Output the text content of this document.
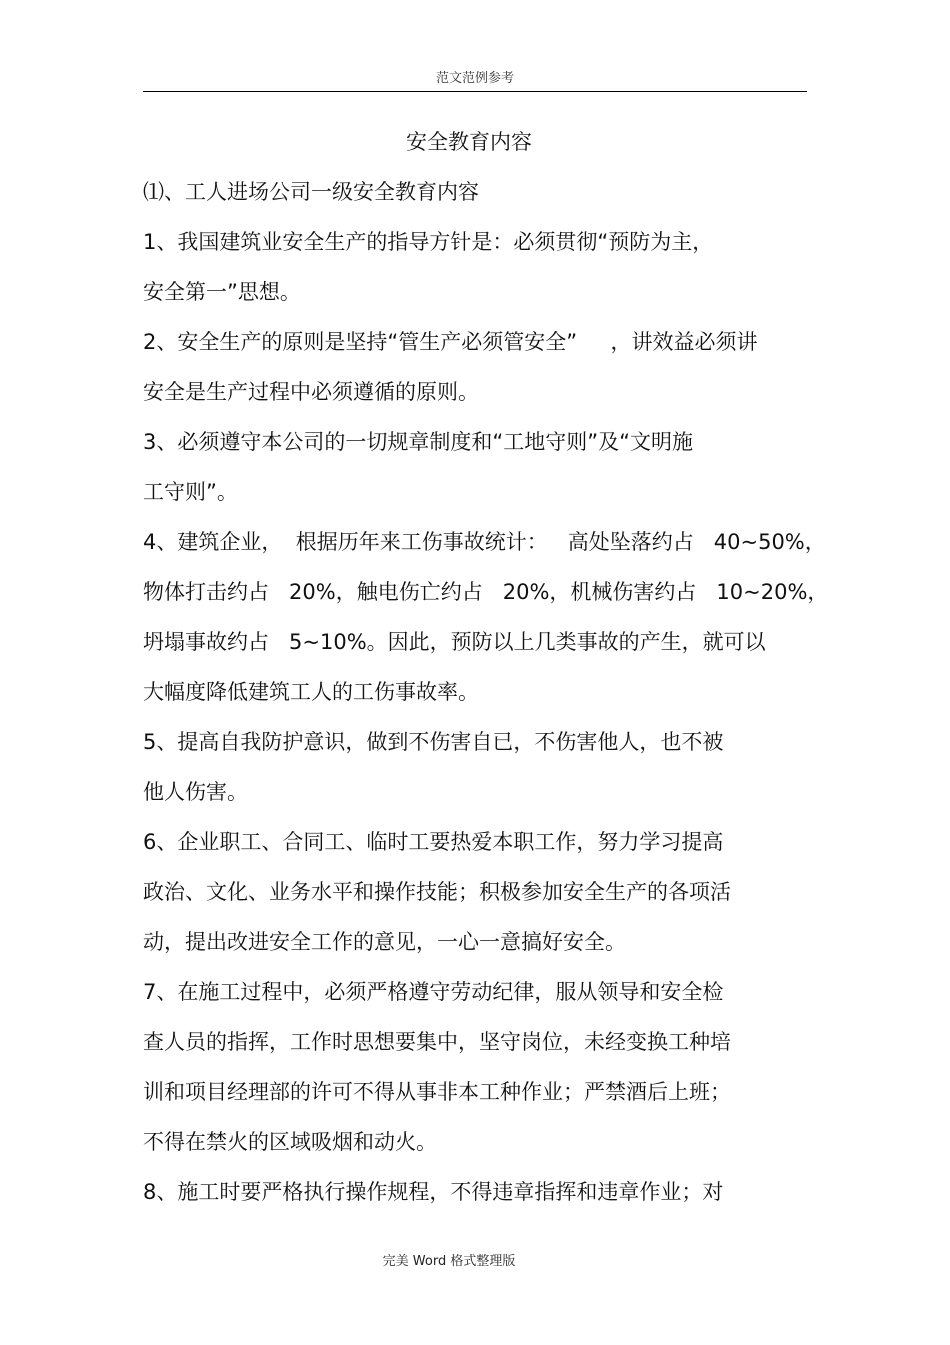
范文范例参考
安全教育内容
⑴、工人进场公司一级安全教育内容
1、我国建筑业安全生产的指导方针是：必须贯彻“预防为主，
安全第一”思想。
2、安全生产的原则是坚持“管生产必须管安全”     ，讲效益必须讲
安全是生产过程中必须遵循的原则。
3、必须遵守本公司的一切规章制度和“工地守则”及“文明施
工守则”。
4、建筑企业，  根据历年来工伤事故统计：   高处坠落约占   40~50%，
物体打击约占   20%，触电伤亡约占   20%，机械伤害约占   10~20%，
坍塌事故约占   5~10%。因此，预防以上几类事故的产生，就可以
大幅度降低建筑工人的工伤事故率。
5、提高自我防护意识，做到不伤害自已，不伤害他人，也不被
他人伤害。
6、企业职工、合同工、临时工要热爱本职工作，努力学习提高
政治、文化、业务水平和操作技能；积极参加安全生产的各项活
动，提出改进安全工作的意见，一心一意搞好安全。
7、在施工过程中，必须严格遵守劳动纪律，服从领导和安全检
查人员的指挥，工作时思想要集中，坚守岗位，未经变换工种培
训和项目经理部的许可不得从事非本工种作业；严禁酒后上班；
不得在禁火的区域吸烟和动火。
8、施工时要严格执行操作规程，不得违章指挥和违章作业；对
完美 Word 格式整理版
